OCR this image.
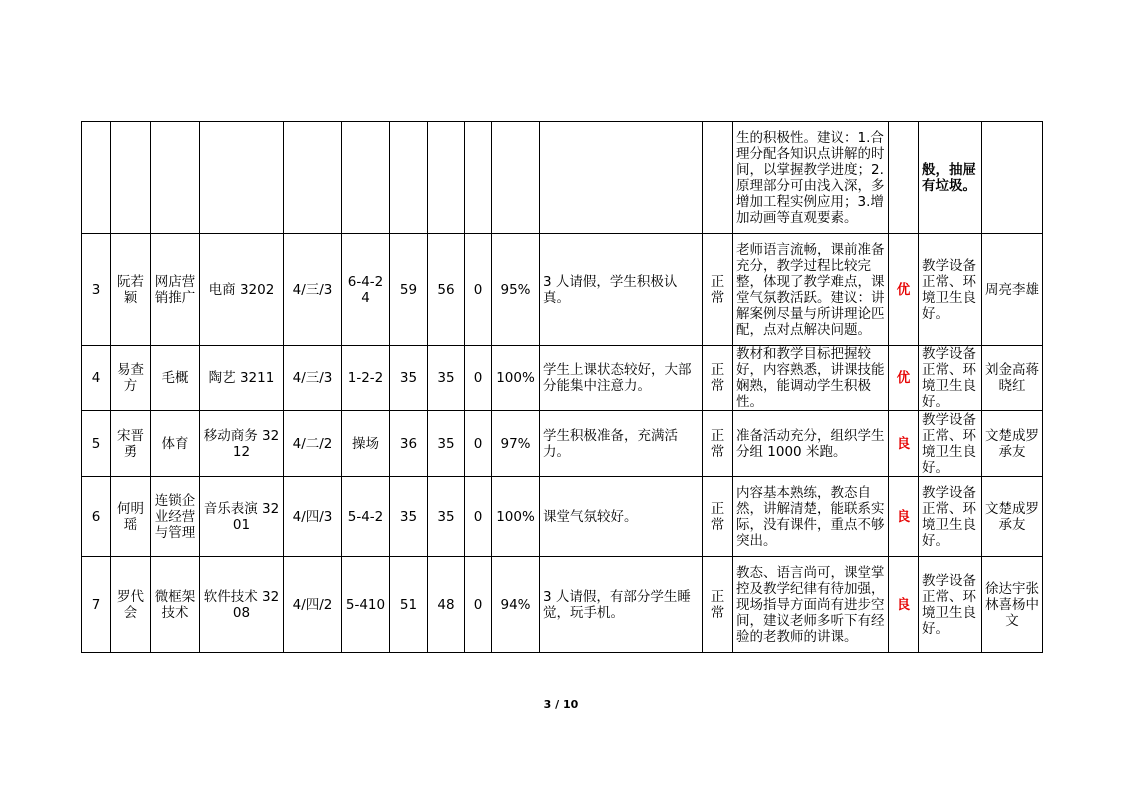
												生的积极性。建议：1.合理分配各知识点讲解的时间，以掌握教学进度；2.原理部分可由浅入深，多增加工程实例应用；3.增加动画等直观要素。		般，抽屉有垃圾。	
3	阮若颖	网店营销推广	电商 3202	4/三/3	6-4-24	59	56	0	95%	3 人请假，学生积极认真。	正常	老师语言流畅，课前准备充分，教学过程比较完整，体现了教学难点，课堂气氛教活跃。建议：讲解案例尽量与所讲理论匹配，点对点解决问题。	优	教学设备正常、环境卫生良好。	周亮李雄
4	易查方	毛概	陶艺 3211	4/三/3	1-2-2	35	35	0	100%	学生上课状态较好，大部分能集中注意力。	正常	教材和教学目标把握较好，内容熟悉，讲课技能娴熟，能调动学生积极性。	优	教学设备正常、环境卫生良好。	刘金高蒋晓红
5	宋晋勇	体育	移动商务 3212	4/二/2	操场	36	35	0	97%	学生积极准备，充满活力。	正常	准备活动充分，组织学生分组 1000 米跑。	良	教学设备正常、环境卫生良好。	文楚成罗承友
6	何明瑶	连锁企业经营与管理	音乐表演 3201	4/四/3	5-4-2	35	35	0	100%	课堂气氛较好。	正常	内容基本熟练，教态自然，讲解清楚，能联系实际，没有课件，重点不够突出。	良	教学设备正常、环境卫生良好。	文楚成罗承友
7	罗代会	微框架技术	软件技术 3208	4/四/2	5-410	51	48	0	94%	3 人请假，有部分学生睡觉，玩手机。	正常	教态、语言尚可，课堂掌控及教学纪律有待加强，现场指导方面尚有进步空间，建议老师多听下有经验的老教师的讲课。	良	教学设备正常、环境卫生良好。	徐达宇张林喜杨中文
3 / 10
